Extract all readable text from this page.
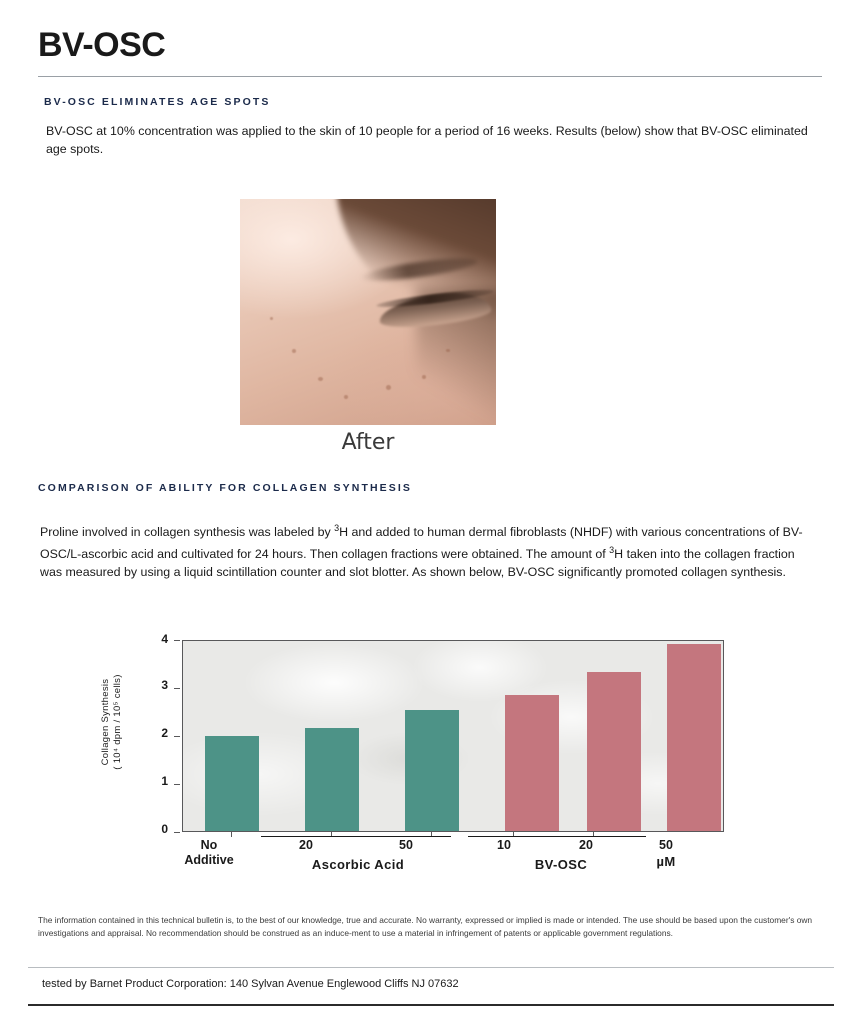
BV-OSC
BV-OSC ELIMINATES AGE SPOTS
BV-OSC at 10% concentration was applied to the skin of 10 people for a period of 16 weeks. Results (below) show that BV-OSC eliminated age spots.
After
COMPARISON OF ABILITY FOR COLLAGEN SYNTHESIS
Proline involved in collagen synthesis was labeled by $^3$H and added to human dermal fibroblasts (NHDF) with various concentrations of BV-OSC/L-ascorbic acid and cultivated for 24 hours. Then collagen fractions were obtained. The amount of $^3$H taken into the collagen fraction was measured by using a liquid scintillation counter and slot blotter. As shown below, BV-OSC significantly promoted collagen synthesis.
Collagen Synthesis ( 10⁴ dpm / 10⁵ cells)
4
3
2
1
0
No
Additive
20	50	10	20	50
Ascorbic Acid	BV-OSC	µM
The information contained in this technical bulletin is, to the best of our knowledge, true and accurate. No warranty, expressed or implied is made or intended. The use should be based upon the customer's own investigations and appraisal. No recommendation should be construed as an induce-ment to use a material in infringement of patents or applicable government regulations.
tested by Barnet Product Corporation: 140 Sylvan Avenue Englewood Cliffs NJ 07632
